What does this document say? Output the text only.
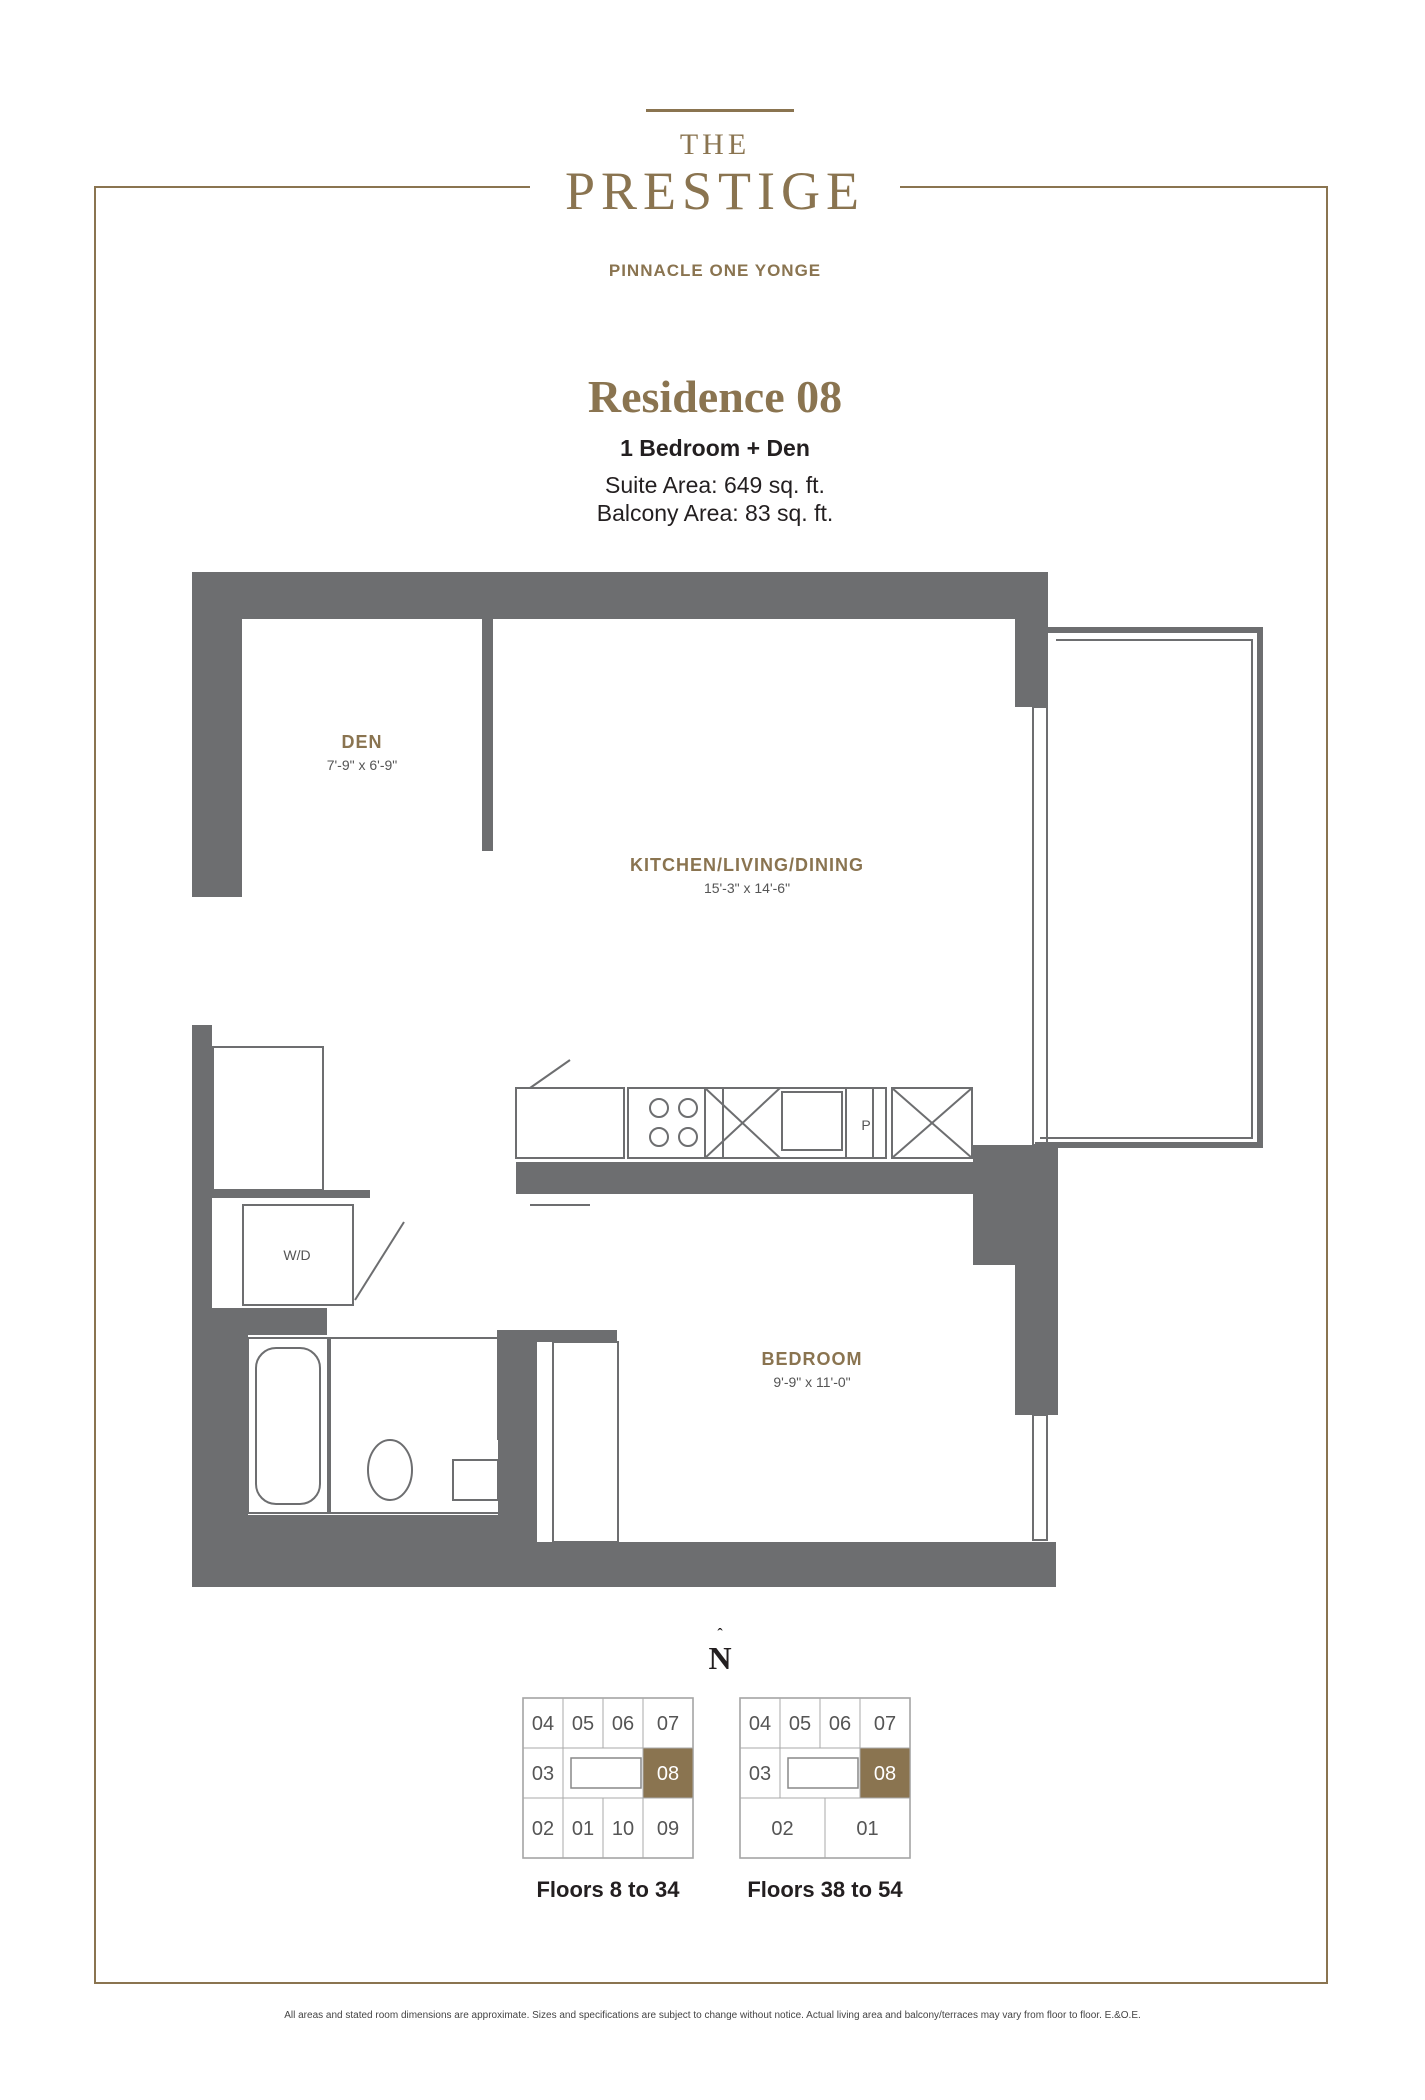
THE
PRESTIGE
PINNACLE ONE YONGE
Residence 08
1 Bedroom + Den
Suite Area: 649 sq. ft.
Balcony Area: 83 sq. ft.
DEN
7'-9" x 6'-9"
KITCHEN/LIVING/DINING
15'-3" x 14'-6"
BEDROOM
9'-9" x 11'-0"
W/D
P
ˆ
N
04 05 06 07
03	08
02 01 10 09
Floors 8 to 34
04 05 06 07
03	08
02	01
Floors 38 to 54
All areas and stated room dimensions are approximate. Sizes and specifications are subject to change without notice. Actual living area and balcony/terraces may vary from floor to floor. E.&O.E.
